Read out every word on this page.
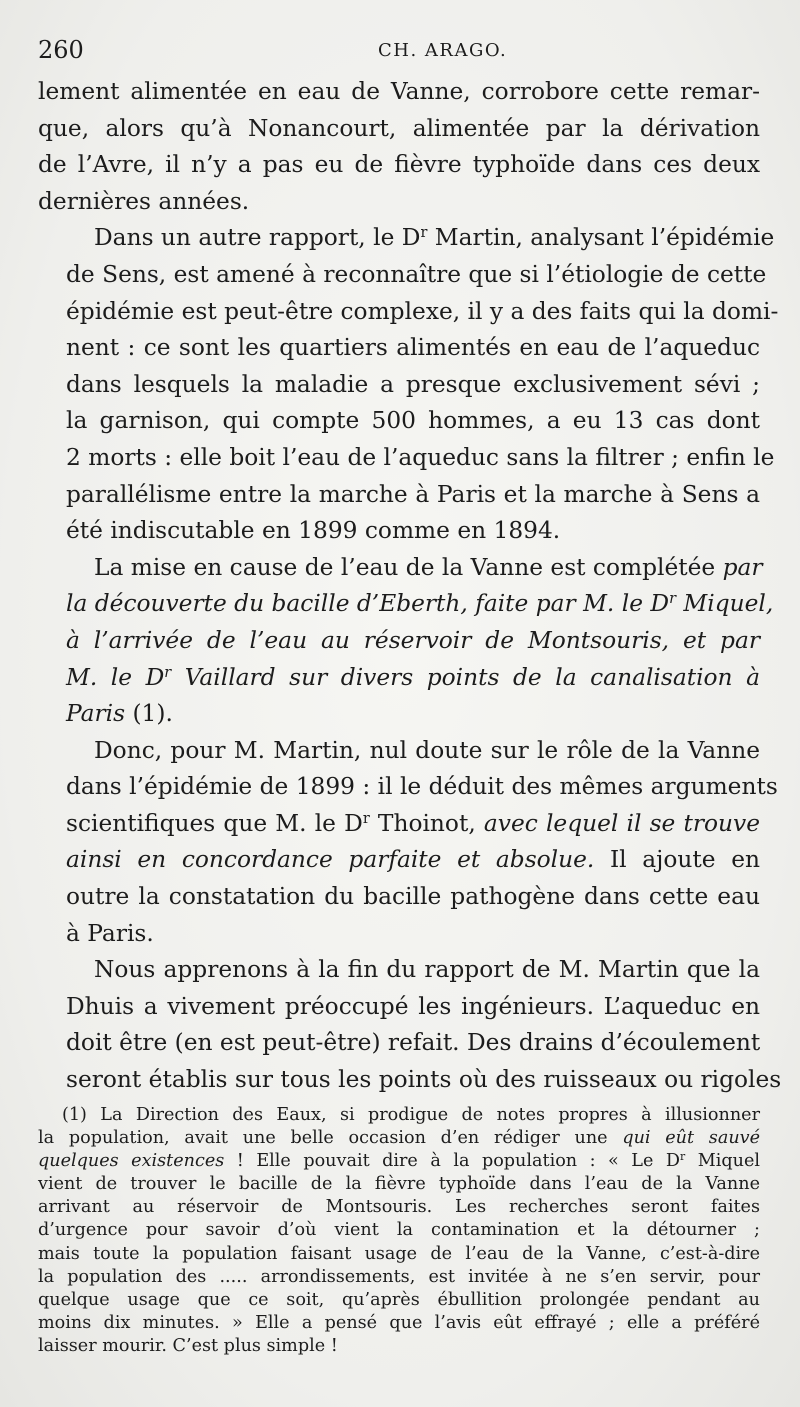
260	CH. ARAGO.

lement alimentée en eau de Vanne, corrobore cette remar-
que, alors qu’à Nonancourt, alimentée par la dérivation
de l’Avre, il n’y a pas eu de fièvre typhoïde dans ces deux
dernières années.

Dans un autre rapport, le $D^r$ Martin, analysant l’épidémie
de Sens, est amené à reconnaître que si l’étiologie de cette
épidémie est peut-être complexe, il y a des faits qui la domi-
nent : ce sont les quartiers alimentés en eau de l’aqueduc
dans lesquels la maladie a presque exclusivement sévi ;
la garnison, qui compte 500 hommes, a eu 13 cas dont
2 morts : elle boit l’eau de l’aqueduc sans la filtrer ; enfin le
parallélisme entre la marche à Paris et la marche à Sens a
été indiscutable en 1899 comme en 1894.

La mise en cause de l’eau de la Vanne est complétée par
la découverte du bacille d’Eberth, faite par M. le $D^r$ Miquel,
à l’arrivée de l’eau au réservoir de Montsouris, et par
M. le $D^r$ Vaillard sur divers points de la canalisation à
Paris (1).

Donc, pour M. Martin, nul doute sur le rôle de la Vanne
dans l’épidémie de 1899 : il le déduit des mêmes arguments
scientifiques que M. le $D^r$ Thoinot, avec lequel il se trouve
ainsi en concordance parfaite et absolue. Il ajoute en
outre la constatation du bacille pathogène dans cette eau
à Paris.

Nous apprenons à la fin du rapport de M. Martin que la
Dhuis a vivement préoccupé les ingénieurs. L’aqueduc en
doit être (en est peut-être) refait. Des drains d’écoulement
seront établis sur tous les points où des ruisseaux ou rigoles

(1) La Direction des Eaux, si prodigue de notes propres à illusionner
la population, avait une belle occasion d’en rédiger une qui eût sauvé
quelques existences ! Elle pouvait dire à la population : « Le $D^r$ Miquel
vient de trouver le bacille de la fièvre typhoïde dans l’eau de la Vanne
arrivant au réservoir de Montsouris. Les recherches seront faites
d’urgence pour savoir d’où vient la contamination et la détourner ;
mais toute la population faisant usage de l’eau de la Vanne, c’est-à-dire
la population des ..... arrondissements, est invitée à ne s’en servir, pour
quelque usage que ce soit, qu’après ébullition prolongée pendant au
moins dix minutes. » Elle a pensé que l’avis eût effrayé ; elle a préféré
laisser mourir. C’est plus simple !
